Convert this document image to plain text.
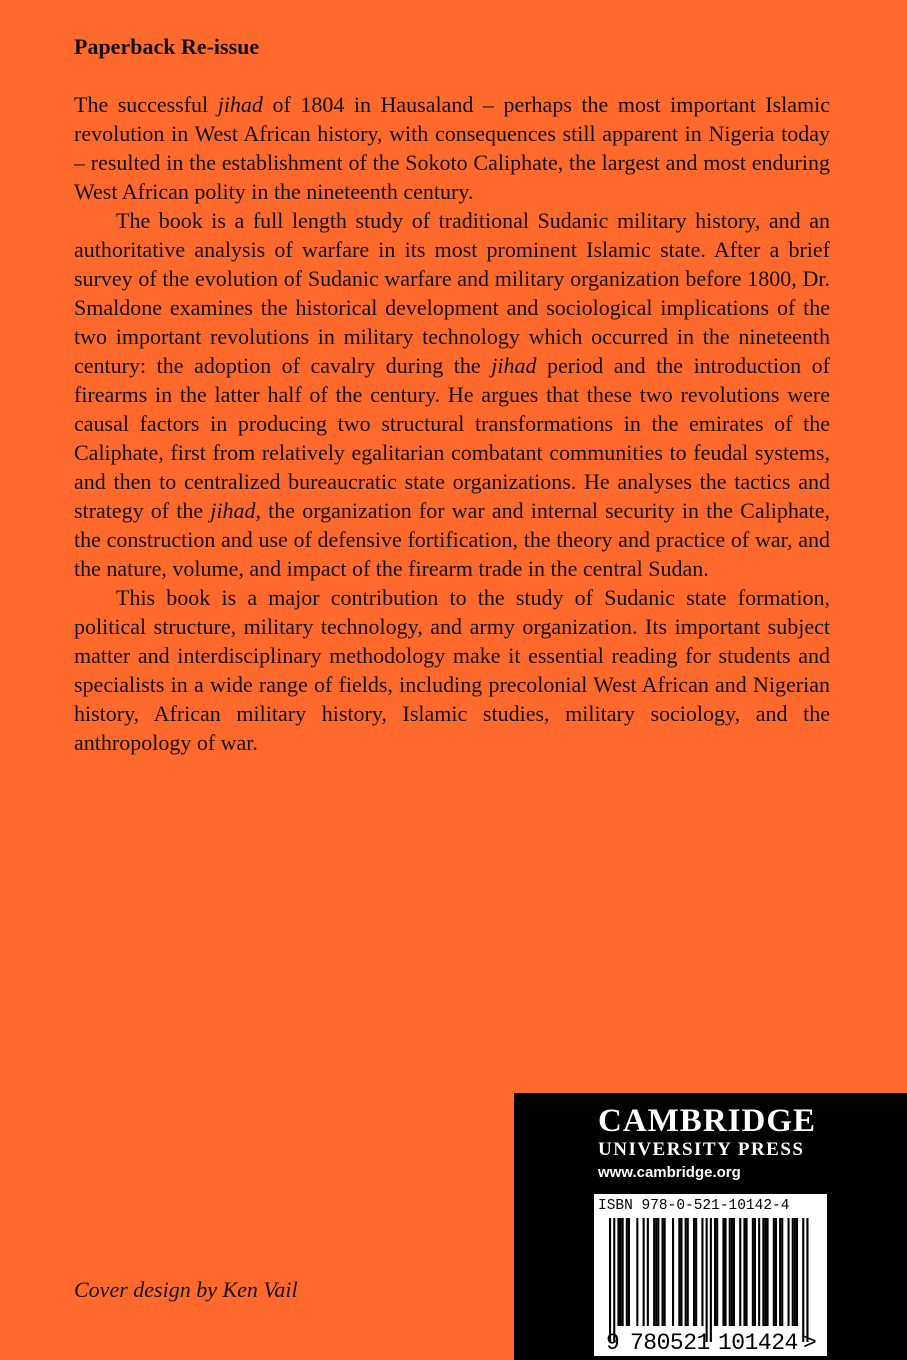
Paperback Re-issue

The successful jihad of 1804 in Hausaland – perhaps the most important Islamic revolution in West African history, with consequences still apparent in Nigeria today – resulted in the establishment of the Sokoto Caliphate, the largest and most enduring West African polity in the nineteenth century.

The book is a full length study of traditional Sudanic military history, and an authoritative analysis of warfare in its most prominent Islamic state. After a brief survey of the evolution of Sudanic warfare and military organization before 1800, Dr. Smaldone examines the historical development and sociological implications of the two important revolutions in military technology which occurred in the nineteenth century: the adoption of cavalry during the jihad period and the introduction of firearms in the latter half of the century. He argues that these two revolutions were causal factors in producing two structural transformations in the emirates of the Caliphate, first from relatively egalitarian combatant communities to feudal systems, and then to centralized bureaucratic state organizations. He analyses the tactics and strategy of the jihad, the organization for war and internal security in the Caliphate, the construction and use of defensive fortification, the theory and practice of war, and the nature, volume, and impact of the firearm trade in the central Sudan.

This book is a major contribution to the study of Sudanic state formation, political structure, military technology, and army organization. Its important subject matter and interdisciplinary methodology make it essential reading for students and specialists in a wide range of fields, including precolonial West African and Nigerian history, African military history, Islamic studies, military sociology, and the anthropology of war.

Cover design by Ken Vail

CAMBRIDGE

UNIVERSITY PRESS

www.cambridge.org

ISBN 978-0-521-10142-4

9 780521 101424 >
